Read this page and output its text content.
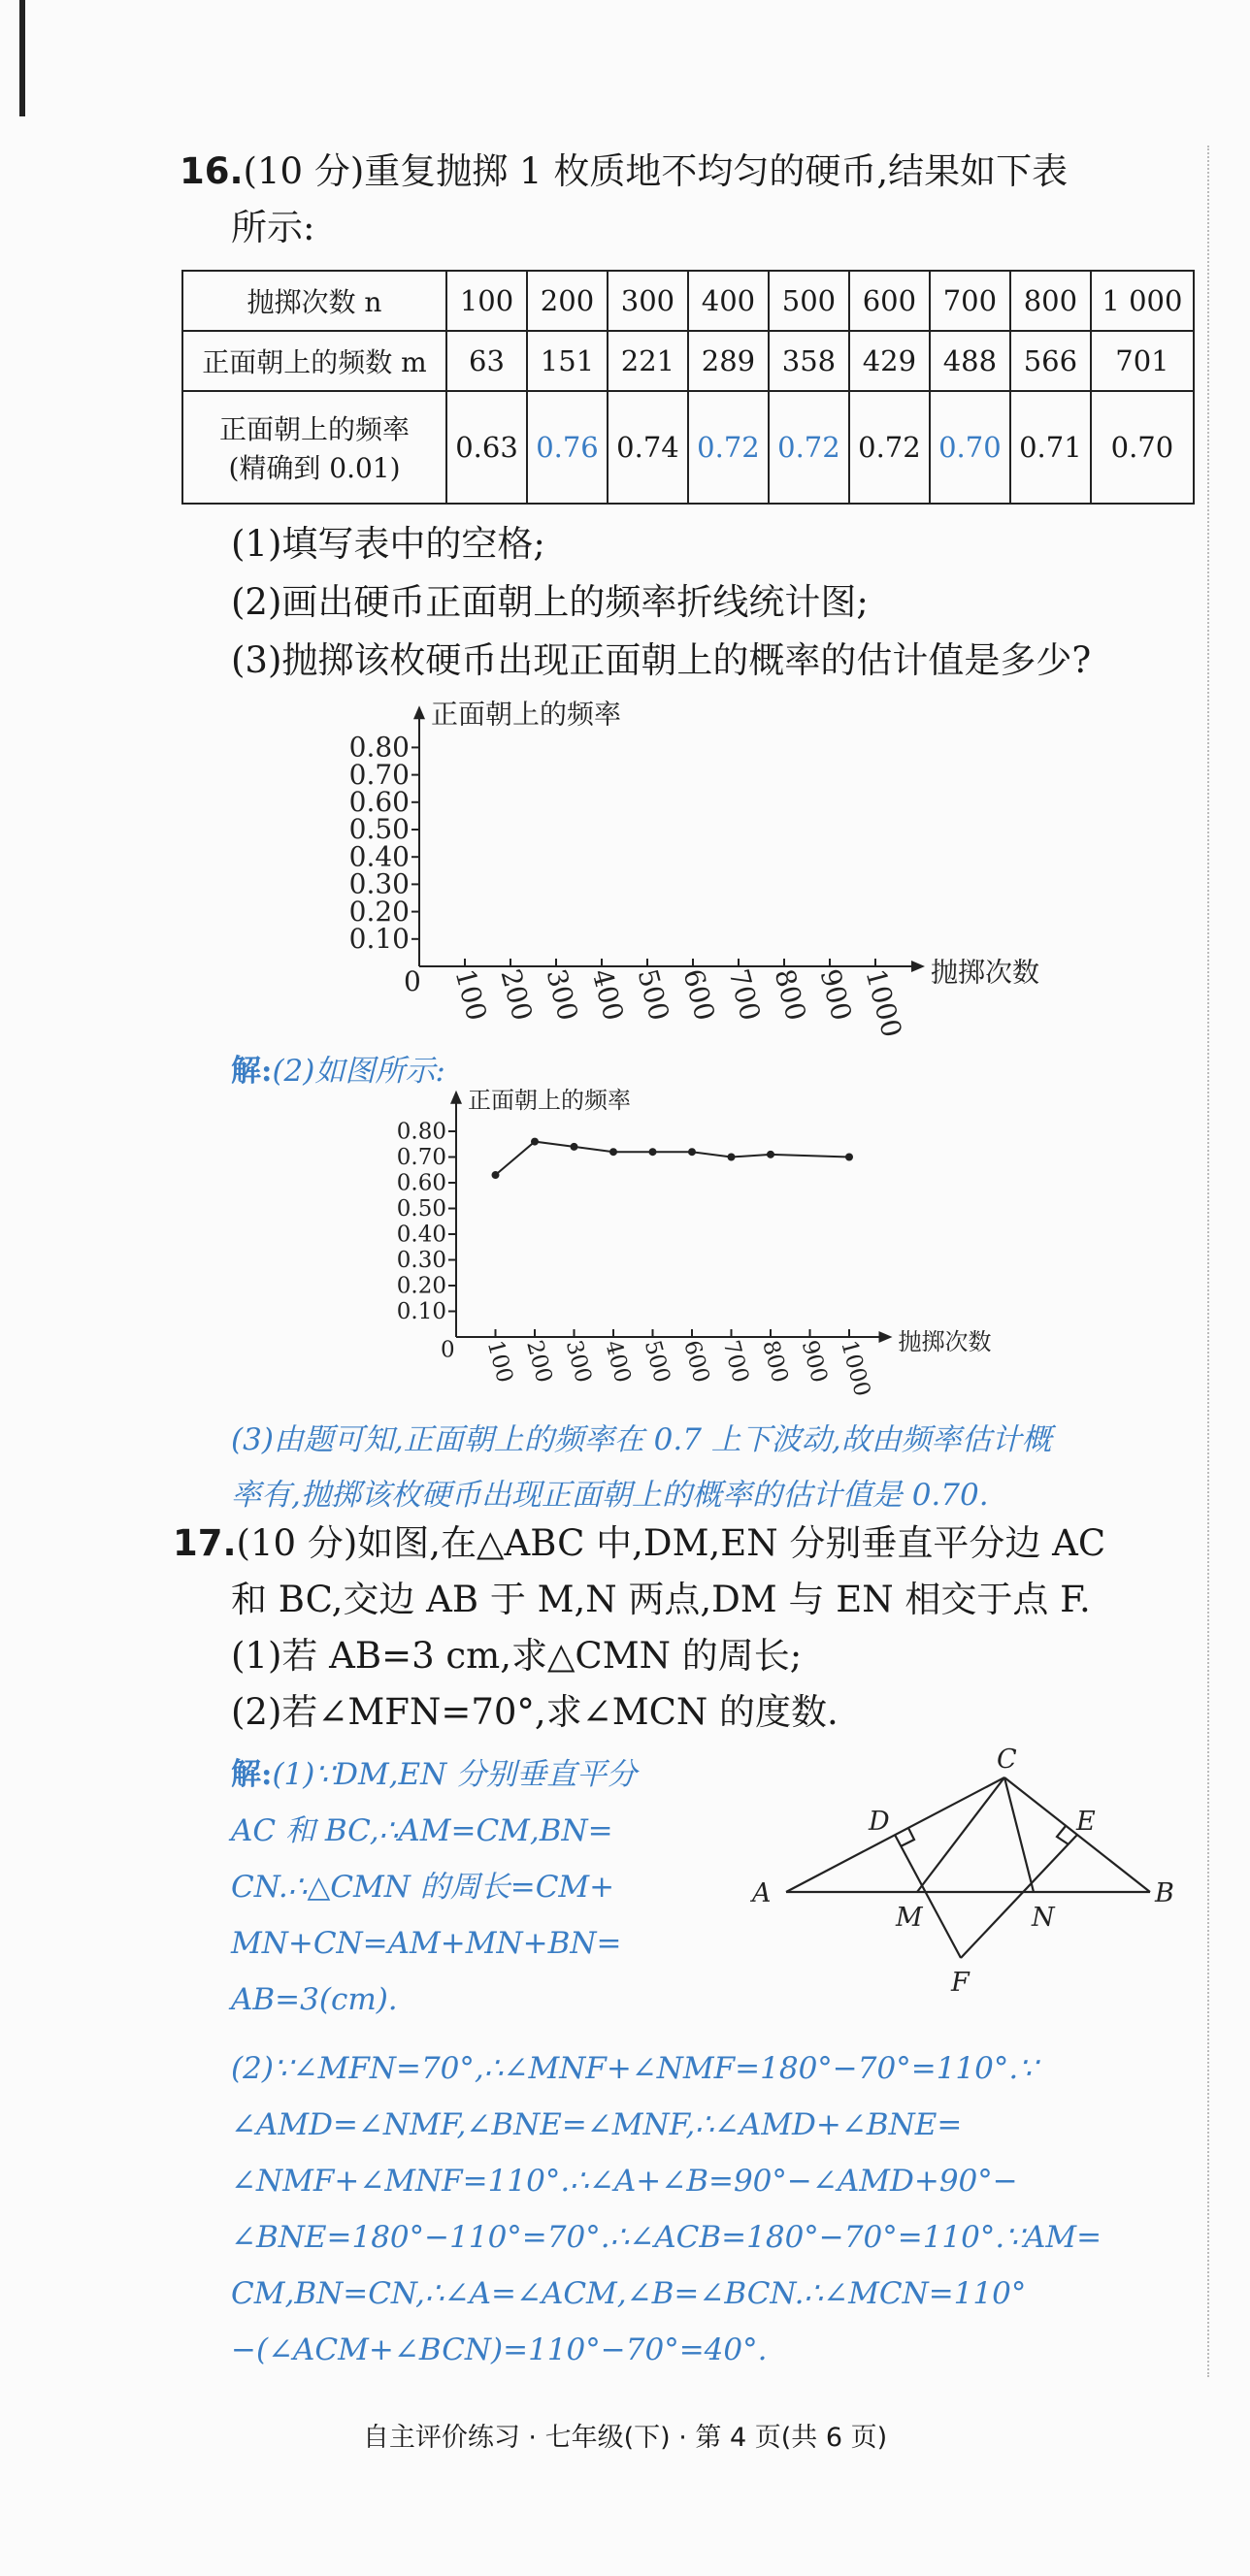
16.(10 分)重复抛掷 1 枚质地不均匀的硬币,结果如下表
所示:
抛掷次数 n	100	200	300	400	500	600	700	800	1 000
正面朝上的频数 m	63	151	221	289	358	429	488	566	701

正面朝上的频率
(精确到 0.01)	0.63	0.76	0.74	0.72	0.72	0.72	0.70	0.71	0.70
(1)填写表中的空格;
(2)画出硬币正面朝上的频率折线统计图;
(3)抛掷该枚硬币出现正面朝上的概率的估计值是多少?
正面朝上的频率
抛掷次数
0
0.10
0.20
0.30
0.40
0.50
0.60
0.70
0.80
100 200 300 400 500 600 700 800 900 1000
解:(2)如图所示:
正面朝上的频率
抛掷次数
0
0.10
0.20
0.30
0.40
0.50
0.60
0.70
0.80
100 200 300 400 500 600 700 800 900 1000
(3)由题可知,正面朝上的频率在 0.7 上下波动,故由频率估计概
率有,抛掷该枚硬币出现正面朝上的概率的估计值是 0.70.
17.(10 分)如图,在△ABC 中,DM,EN 分别垂直平分边 AC
和 BC,交边 AB 于 M,N 两点,DM 与 EN 相交于点 F.
(1)若 AB=3 cm,求△CMN 的周长;
(2)若∠MFN=70°,求∠MCN 的度数.
解:(1)∵DM,EN 分别垂直平分
AC 和 BC,∴AM=CM,BN=
CN.∴△CMN 的周长=CM+
MN+CN=AM+MN+BN=
AB=3(cm).
A	B
C
D	E
M	N
F
(2)∵∠MFN=70°,∴∠MNF+∠NMF=180°−70°=110°.∵
∠AMD=∠NMF,∠BNE=∠MNF,∴∠AMD+∠BNE=
∠NMF+∠MNF=110°.∴∠A+∠B=90°−∠AMD+90°−
∠BNE=180°−110°=70°.∴∠ACB=180°−70°=110°.∵AM=
CM,BN=CN,∴∠A=∠ACM,∠B=∠BCN.∴∠MCN=110°
−(∠ACM+∠BCN)=110°−70°=40°.
自主评价练习 · 七年级(下) · 第 4 页(共 6 页)
